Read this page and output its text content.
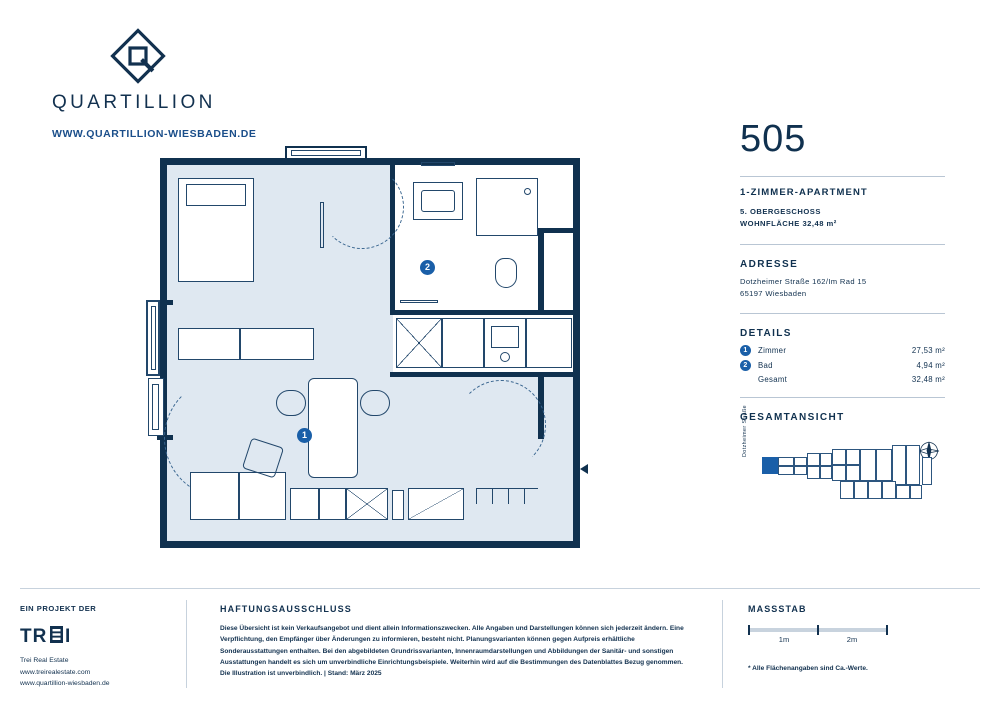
QUARTILLION
WWW.QUARTILLION-WIESBADEN.DE
2
1
505
1-ZIMMER-APARTMENT
5. OBERGESCHOSS
WOHNFLÄCHE 32,48 m²
ADRESSE
Dotzheimer Straße 162/Im Rad 15
65197 Wiesbaden
DETAILS
1	Zimmer	27,53 m²
2	Bad	4,94 m²
Gesamt	32,48 m²
GESAMTANSICHT
Dotzheimer Straße
EIN PROJEKT DER
TR I
Trei Real Estate
www.treirealestate.com
www.quartillion-wiesbaden.de
HAFTUNGSAUSSCHLUSS
Diese Übersicht ist kein Verkaufsangebot und dient allein Informationszwecken. Alle Angaben und Darstellungen können sich jederzeit ändern. Eine Verpflichtung, den Empfänger über Änderungen zu informieren, besteht nicht. Planungsvarianten können gegen Aufpreis erhältliche Sonderausstattungen enthalten. Bei den abgebildeten Grundrissvarianten, Innenraumdarstellungen und Abbildungen der Sanitär- und sonstigen Ausstattungen handelt es sich um unverbindliche Einrichtungsbeispiele. Weiterhin wird auf die Bestimmungen des Datenblattes Bezug genommen. Die Illustration ist unverbindlich. | Stand: März 2025
MASSSTAB
1m	2m
* Alle Flächenangaben sind Ca.-Werte.
